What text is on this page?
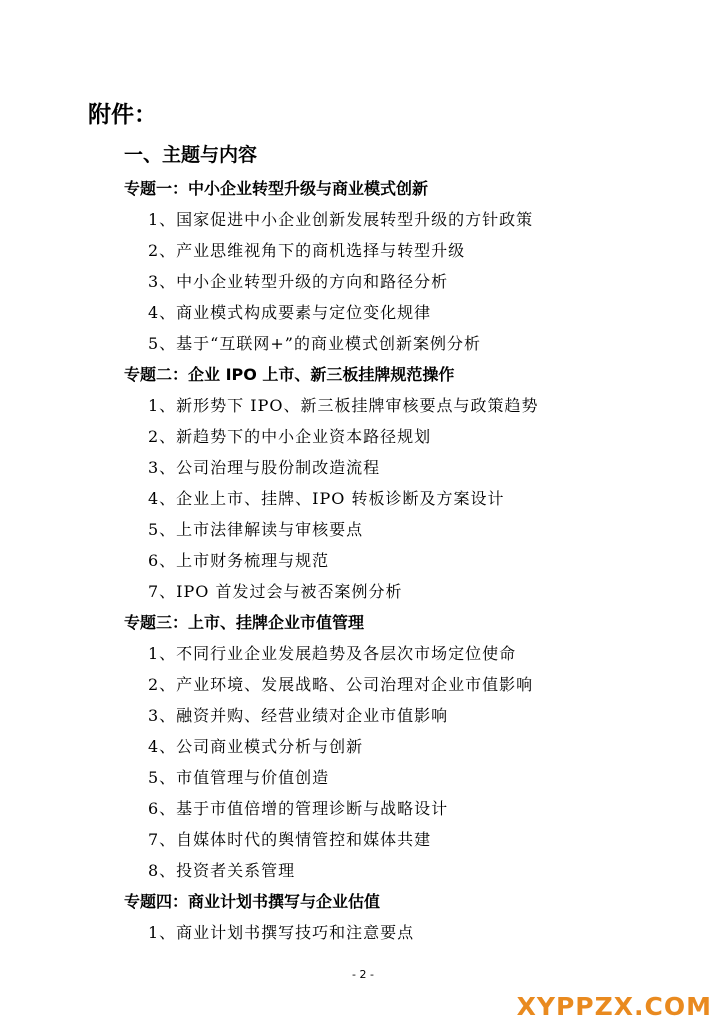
附件：
一、主题与内容
专题一：中小企业转型升级与商业模式创新
1、国家促进中小企业创新发展转型升级的方针政策
2、产业思维视角下的商机选择与转型升级
3、中小企业转型升级的方向和路径分析
4、商业模式构成要素与定位变化规律
5、基于“互联网+”的商业模式创新案例分析
专题二：企业 IPO 上市、新三板挂牌规范操作
1、新形势下 IPO、新三板挂牌审核要点与政策趋势
2、新趋势下的中小企业资本路径规划
3、公司治理与股份制改造流程
4、企业上市、挂牌、IPO 转板诊断及方案设计
5、上市法律解读与审核要点
6、上市财务梳理与规范
7、IPO 首发过会与被否案例分析
专题三：上市、挂牌企业市值管理
1、不同行业企业发展趋势及各层次市场定位使命
2、产业环境、发展战略、公司治理对企业市值影响
3、融资并购、经营业绩对企业市值影响
4、公司商业模式分析与创新
5、市值管理与价值创造
6、基于市值倍增的管理诊断与战略设计
7、自媒体时代的舆情管控和媒体共建
8、投资者关系管理
专题四：商业计划书撰写与企业估值
1、商业计划书撰写技巧和注意要点
- 2 -
XYPPZX.COM
